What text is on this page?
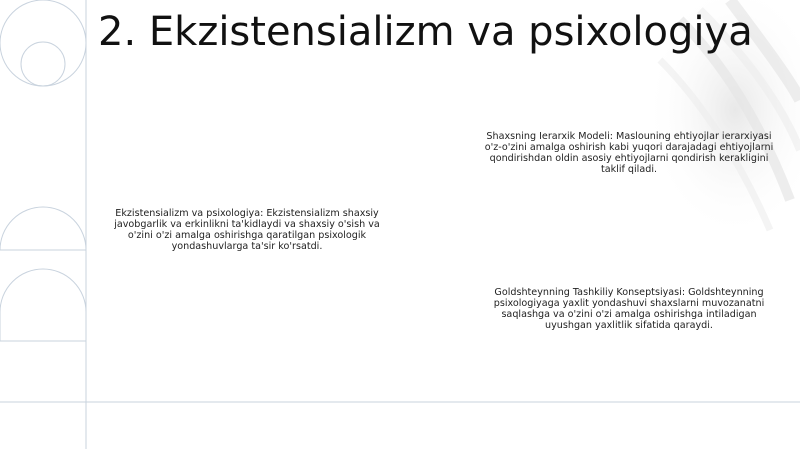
2. Ekzistensializm va psixologiya

Ekzistensializm va psixologiya: Ekzistensializm shaxsiy javobgarlik va erkinlikni ta'kidlaydi va shaxsiy o'sish va o'zini o'zi amalga oshirishga qaratilgan psixologik yondashuvlarga ta'sir ko'rsatdi.

Shaxsning Ierarxik Modeli: Maslouning ehtiyojlar ierarxiyasi o'z-o'zini amalga oshirish kabi yuqori darajadagi ehtiyojlarni qondirishdan oldin asosiy ehtiyojlarni qondirish kerakligini taklif qiladi.

Goldshteynning Tashkiliy Konseptsiyasi: Goldshteynning psixologiyaga yaxlit yondashuvi shaxslarni muvozanatni saqlashga va o'zini o'zi amalga oshirishga intiladigan uyushgan yaxlitlik sifatida qaraydi.
